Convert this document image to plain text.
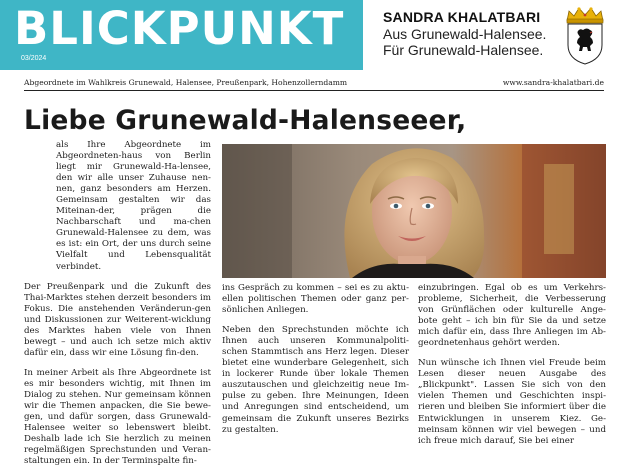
BLICKPUNKT
03/2024
SANDRA KHALATBARI
Aus Grunewald-Halensee.
Für Grunewald-Halensee.
Abgeordnete im Wahlkreis Grunewald, Halensee, Preußenpark, Hohenzollerndamm	www.sandra-khalatbari.de
Liebe Grunewald-Halenseeer,

als Ihre Abgeordnete im Abgeordneten-haus von Berlin liegt mir Grunewald-Ha-lensee, den wir alle unser Zuhause nen-nen, ganz besonders am Herzen. Gemeinsam gestalten wir das Miteinan-der, prägen die Nachbarschaft und ma-chen Grunewald-Halensee zu dem, was es ist: ein Ort, der uns durch seine Vielfalt und Lebensqualität verbindet.

Der Preußenpark und die Zukunft des Thai-Marktes stehen derzeit besonders im Fokus. Die anstehenden Veränderun-gen und Diskussionen zur Weiterent-wicklung des Marktes haben viele von Ihnen bewegt – und auch ich setze mich aktiv dafür ein, dass wir eine Lösung fin-den.

In meiner Arbeit als Ihre Abgeordnete ist es mir besonders wichtig, mit Ihnen im Dialog zu stehen. Nur gemeinsam können wir die Themen anpacken, die Sie bewe-gen, und dafür sorgen, dass Grunewald-Halensee weiter so lebenswert bleibt. Deshalb lade ich Sie herzlich zu meinen regelmäßigen Sprechstunden und Veran-staltungen ein. In der Terminspalte fin-

ins Gespräch zu kommen – sei es zu aktu-ellen politischen Themen oder ganz per-sönlichen Anliegen.

Neben den Sprechstunden möchte ich Ihnen auch unseren Kommunalpoliti-schen Stammtisch ans Herz legen. Dieser bietet eine wunderbare Gelegenheit, sich in lockerer Runde über lokale Themen auszutauschen und gleichzeitig neue Im-pulse zu geben. Ihre Meinungen, Ideen und Anregungen sind entscheidend, um gemeinsam die Zukunft unseres Bezirks zu gestalten.

einzubringen. Egal ob es um Verkehrs-probleme, Sicherheit, die Verbesserung von Grünflächen oder kulturelle Ange-bote geht – ich bin für Sie da und setze mich dafür ein, dass Ihre Anliegen im Ab-geordnetenhaus gehört werden.

Nun wünsche ich Ihnen viel Freude beim Lesen dieser neuen Ausgabe des „Blickpunkt". Lassen Sie sich von den vielen Themen und Geschichten inspi-rieren und bleiben Sie informiert über die Entwicklungen in unserem Kiez. Ge-meinsam können wir viel bewegen – und ich freue mich darauf, Sie bei einer
